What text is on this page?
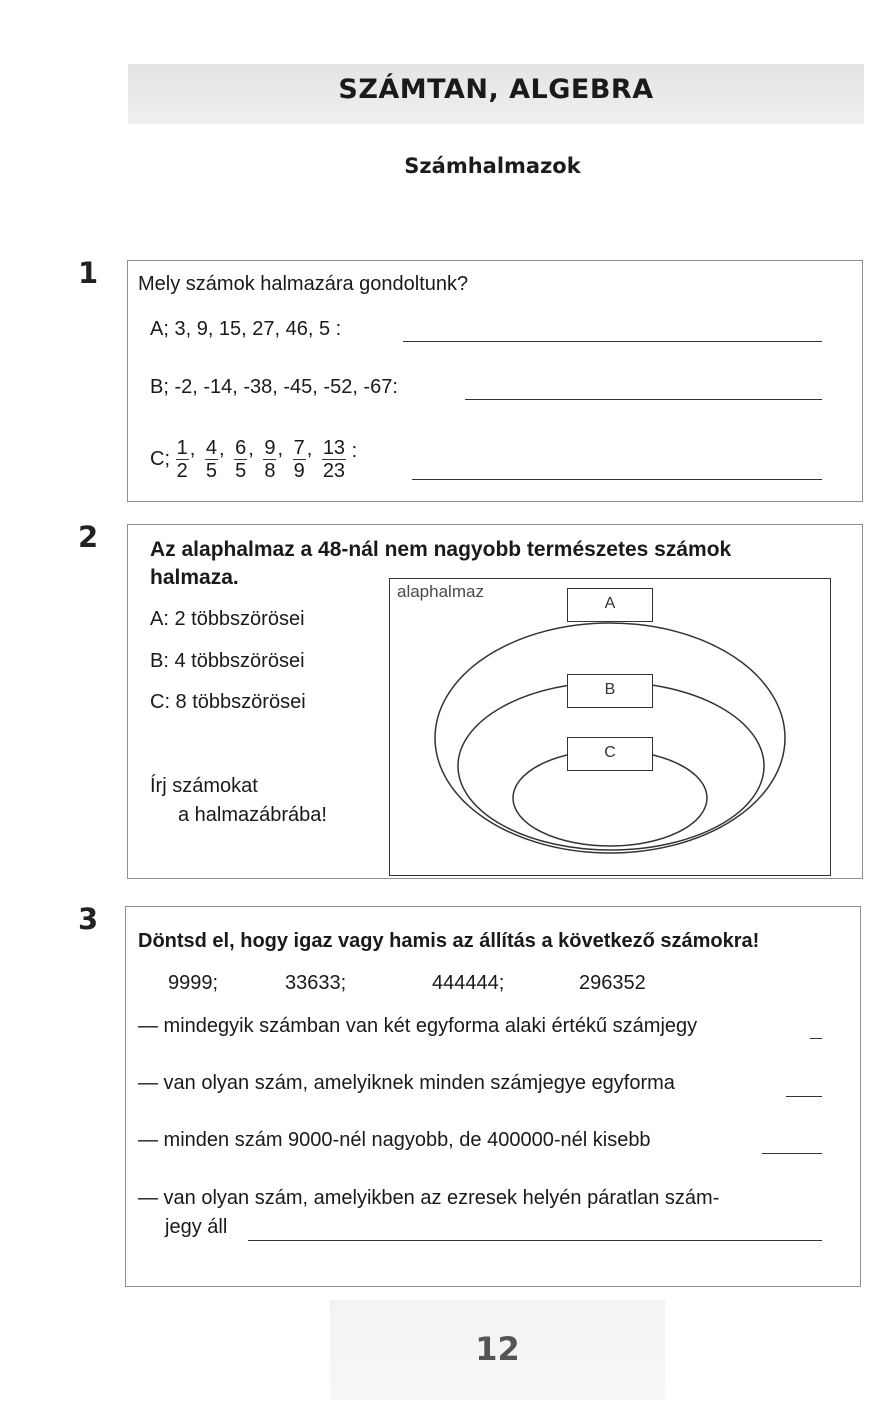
SZÁMTAN, ALGEBRA
Számhalmazok
1 Mely számok halmazára gondoltunk?
A; 3, 9, 15, 27, 46, 5 :
B; -2, -14, -38, -45, -52, -67:
C; $\frac{1}{2}$ , $\frac{4}{5}$ , $\frac{6}{5}$ , $\frac{9}{8}$ , $\frac{7}{9}$ , $\frac{13}{23}$ :
2 Az alaphalmaz a 48-nál nem nagyobb természetes számok
halmaza.
A: 2 többszörösei
B: 4 többszörösei
C: 8 többszörösei
Írj számokat
a halmazábrába!
alaphalmaz
A
B
C
3
Döntsd el, hogy igaz vagy hamis az állítás a következő számokra!
9999;	33633;	444444;	296352
— mindegyik számban van két egyforma alaki értékű számjegy
— van olyan szám, amelyiknek minden számjegye egyforma
— minden szám 9000-nél nagyobb, de 400000-nél kisebb
— van olyan szám, amelyikben az ezresek helyén páratlan szám-
jegy áll
12
